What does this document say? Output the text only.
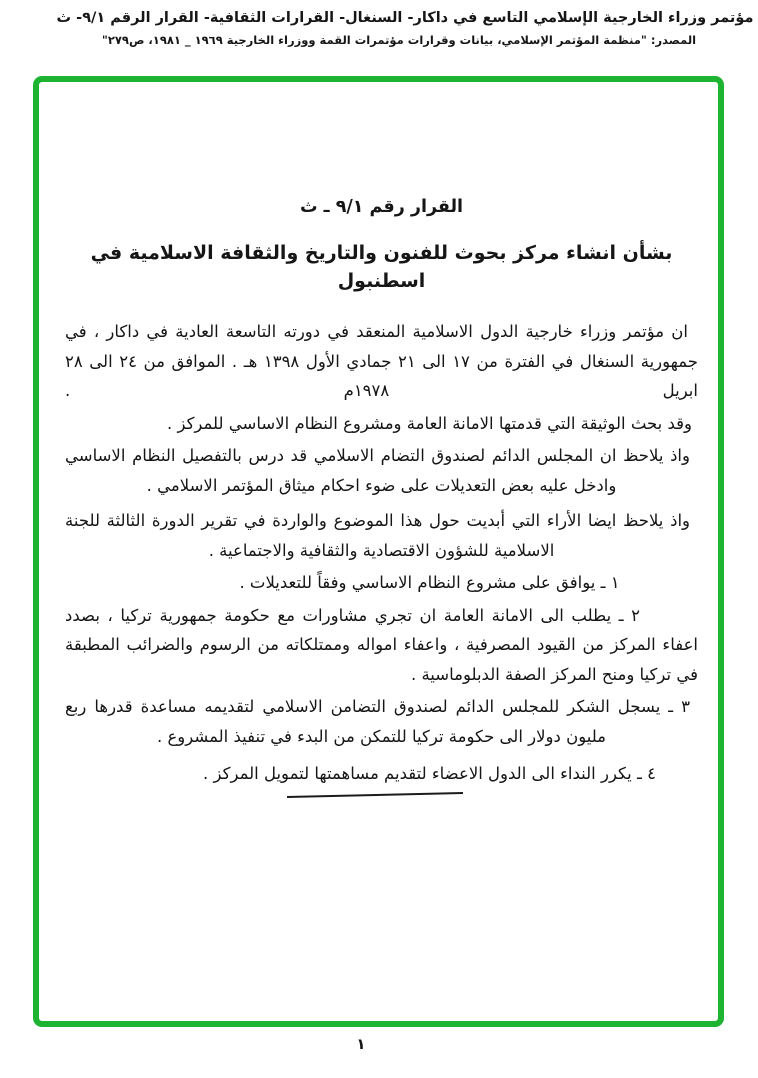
مؤتمر وزراء الخارجية الإسلامي التاسع في داكار- السنغال- القرارات الثقافية- القرار الرقم ٩/١- ث
المصدر: "منظمة المؤتمر الإسلامي، بيانات وقرارات مؤتمرات القمة ووزراء الخارجية ١٩٦٩ _ ١٩٨١، ص٢٧٩"
القرار رقم ٩/١ ـ ث
بشأن انشاء مركز بحوث للفنون والتاريخ والثقافة الاسلامية في اسطنبول

ان مؤتمر وزراء خارجية الدول الاسلامية المنعقد في دورته التاسعة العادية في داكار ، في جمهورية السنغال في الفترة من ١٧ الى ٢١ جمادي الأول ١٣٩٨ هـ . الموافق من ٢٤ الى ٢٨ ابريل ١٩٧٨م .

وقد بحث الوثيقة التي قدمتها الامانة العامة ومشروع النظام الاساسي للمركز .

واذ يلاحظ ان المجلس الدائم لصندوق التضام الاسلامي قد درس بالتفصيل النظام الاساسي وادخل عليه بعض التعديلات على ضوء احكام ميثاق المؤتمر الاسلامي .

واذ يلاحظ ايضا الأراء التي أبديت حول هذا الموضوع والواردة في تقرير الدورة الثالثة للجنة الاسلامية للشؤون الاقتصادية والثقافية والاجتماعية .

١ ـ يوافق على مشروع النظام الاساسي وفقاً للتعديلات .

٢ ـ يطلب الى الامانة العامة ان تجري مشاورات مع حكومة جمهورية تركيا ، بصدد اعفاء المركز من القيود المصرفية ، واعفاء امواله وممتلكاته من الرسوم والضرائب المطبقة في تركيا ومنح المركز الصفة الدبلوماسية .

٣ ـ يسجل الشكر للمجلس الدائم لصندوق التضامن الاسلامي لتقديمه مساعدة قدرها ربع مليون دولار الى حكومة تركيا للتمكن من البدء في تنفيذ المشروع .

٤ ـ يكرر النداء الى الدول الاعضاء لتقديم مساهمتها لتمويل المركز .

١
